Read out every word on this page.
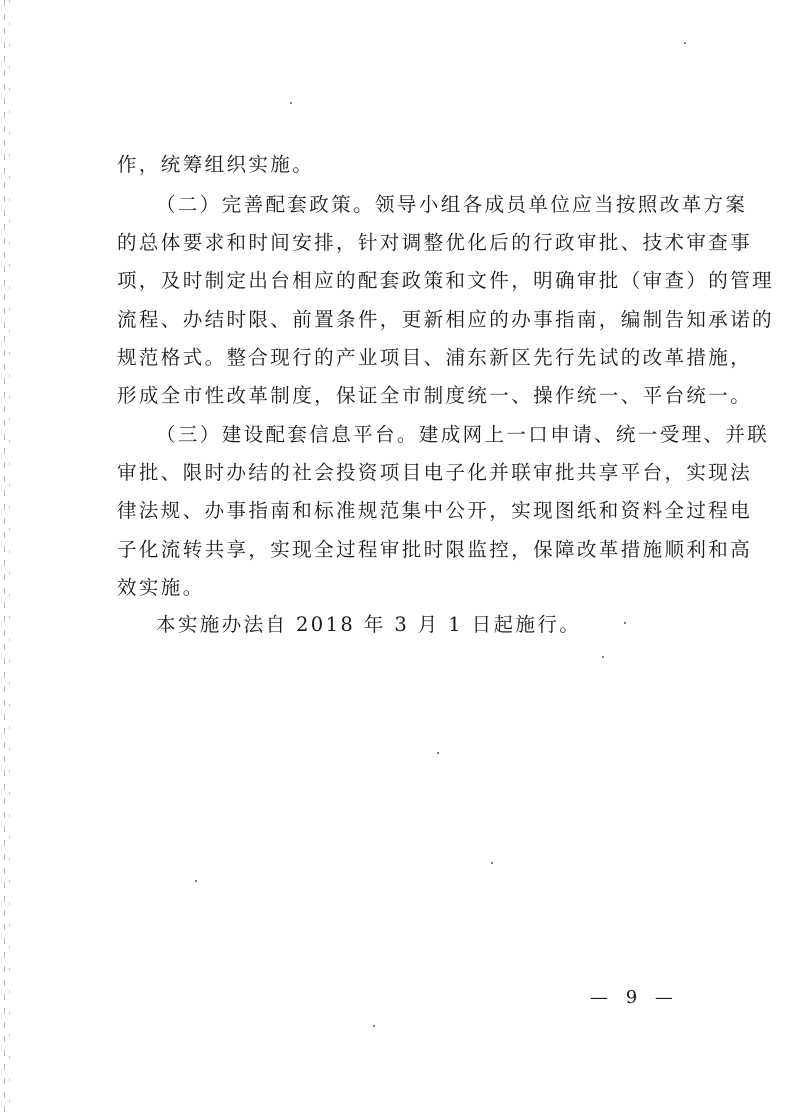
作，统筹组织实施。

（二）完善配套政策。领导小组各成员单位应当按照改革方案
的总体要求和时间安排，针对调整优化后的行政审批、技术审查事
项，及时制定出台相应的配套政策和文件，明确审批（审查）的管理
流程、办结时限、前置条件，更新相应的办事指南，编制告知承诺的
规范格式。整合现行的产业项目、浦东新区先行先试的改革措施，
形成全市性改革制度，保证全市制度统一、操作统一、平台统一。

（三）建设配套信息平台。建成网上一口申请、统一受理、并联
审批、限时办结的社会投资项目电子化并联审批共享平台，实现法
律法规、办事指南和标准规范集中公开，实现图纸和资料全过程电
子化流转共享，实现全过程审批时限监控，保障改革措施顺利和高
效实施。

本实施办法自 2018 年 3 月 1 日起施行。

— 9 —
